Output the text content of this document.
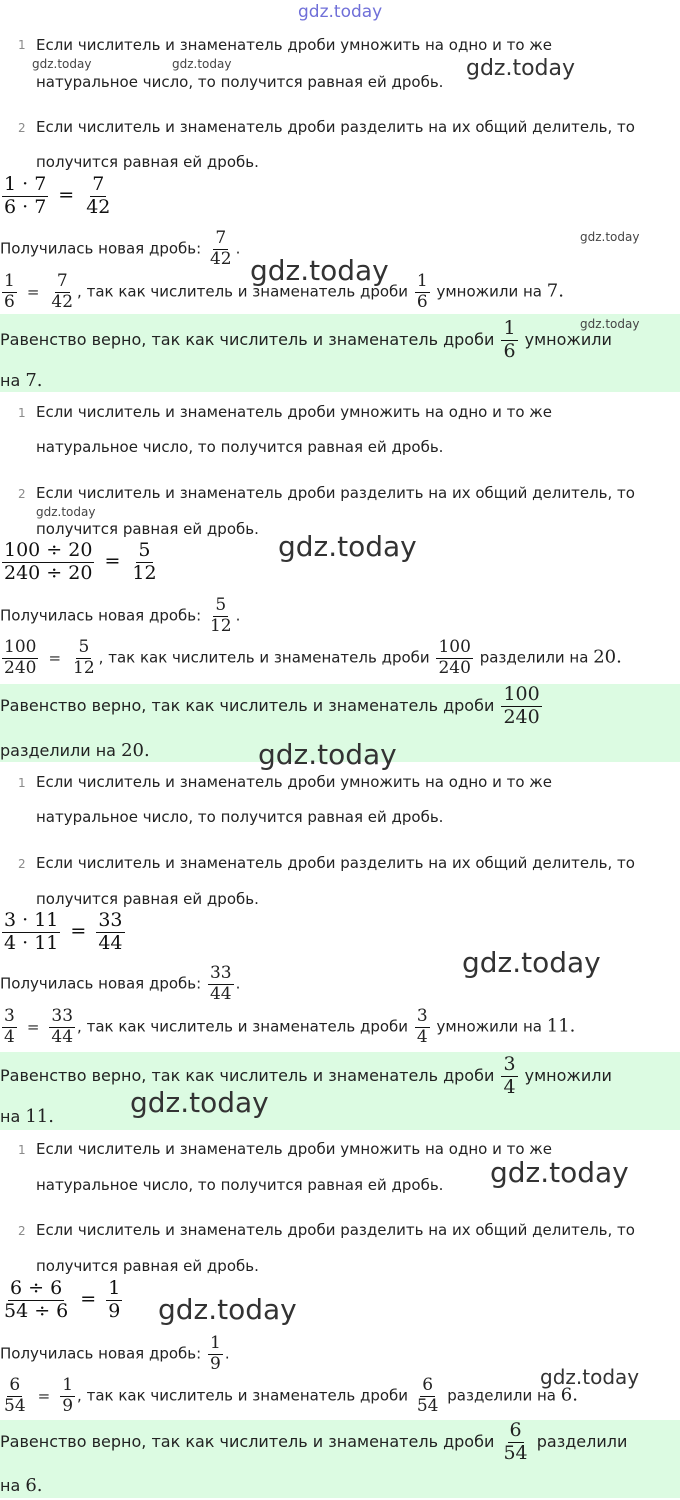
gdz.today
1 Если числитель и знаменатель дроби умножить на одно и то же
gdz.today	gdz.today
натуральное число, то получится равная ей дробь.
gdz.today
2 Если числитель и знаменатель дроби разделить на их общий делитель, то
получится равная ей дробь.
$\frac{1 \cdot 7}{6 \cdot 7} = \frac{7}{42}$
Получилась новая дробь: $\frac{7}{42}$ .
gdz.today
gdz.today
$\frac{1}{6} = \frac{7}{42}$ , так как числитель и знаменатель дроби $\frac{1}{6}$ умножили на 7.
Равенство верно, так как числитель и знаменатель дроби $\frac{1}{6}$ умножили
gdz.today
на 7.
1 Если числитель и знаменатель дроби умножить на одно и то же
натуральное число, то получится равная ей дробь.
2 Если числитель и знаменатель дроби разделить на их общий делитель, то
gdz.today
получится равная ей дробь.
gdz.today
$\frac{100 \div 20}{240 \div 20} = \frac{5}{12}$
Получилась новая дробь: $\frac{5}{12}$ .
$\frac{100}{240} = \frac{5}{12}$ , так как числитель и знаменатель дроби $\frac{100}{240}$ разделили на 20.
Равенство верно, так как числитель и знаменатель дроби $\frac{100}{240}$
разделили на 20.	gdz.today
1 Если числитель и знаменатель дроби умножить на одно и то же
натуральное число, то получится равная ей дробь.
2 Если числитель и знаменатель дроби разделить на их общий делитель, то
получится равная ей дробь.
$\frac{3 \cdot 11}{4 \cdot 11} = \frac{33}{44}$
gdz.today
Получилась новая дробь: $\frac{33}{44}$ .
$\frac{3}{4} = \frac{33}{44}$ , так как числитель и знаменатель дроби $\frac{3}{4}$ умножили на 11.
Равенство верно, так как числитель и знаменатель дроби $\frac{3}{4}$ умножили
на 11.	gdz.today
1 Если числитель и знаменатель дроби умножить на одно и то же
натуральное число, то получится равная ей дробь. gdz.today
2 Если числитель и знаменатель дроби разделить на их общий делитель, то
получится равная ей дробь.
$\frac{6 \div 6}{54 \div 6} = \frac{1}{9}$ gdz.today
Получилась новая дробь: $\frac{1}{9}$ .
gdz.today
$\frac{6}{54} = \frac{1}{9}$ , так как числитель и знаменатель дроби $\frac{6}{54}$ разделили на 6.
Равенство верно, так как числитель и знаменатель дроби $\frac{6}{54}$ разделили
на 6.
